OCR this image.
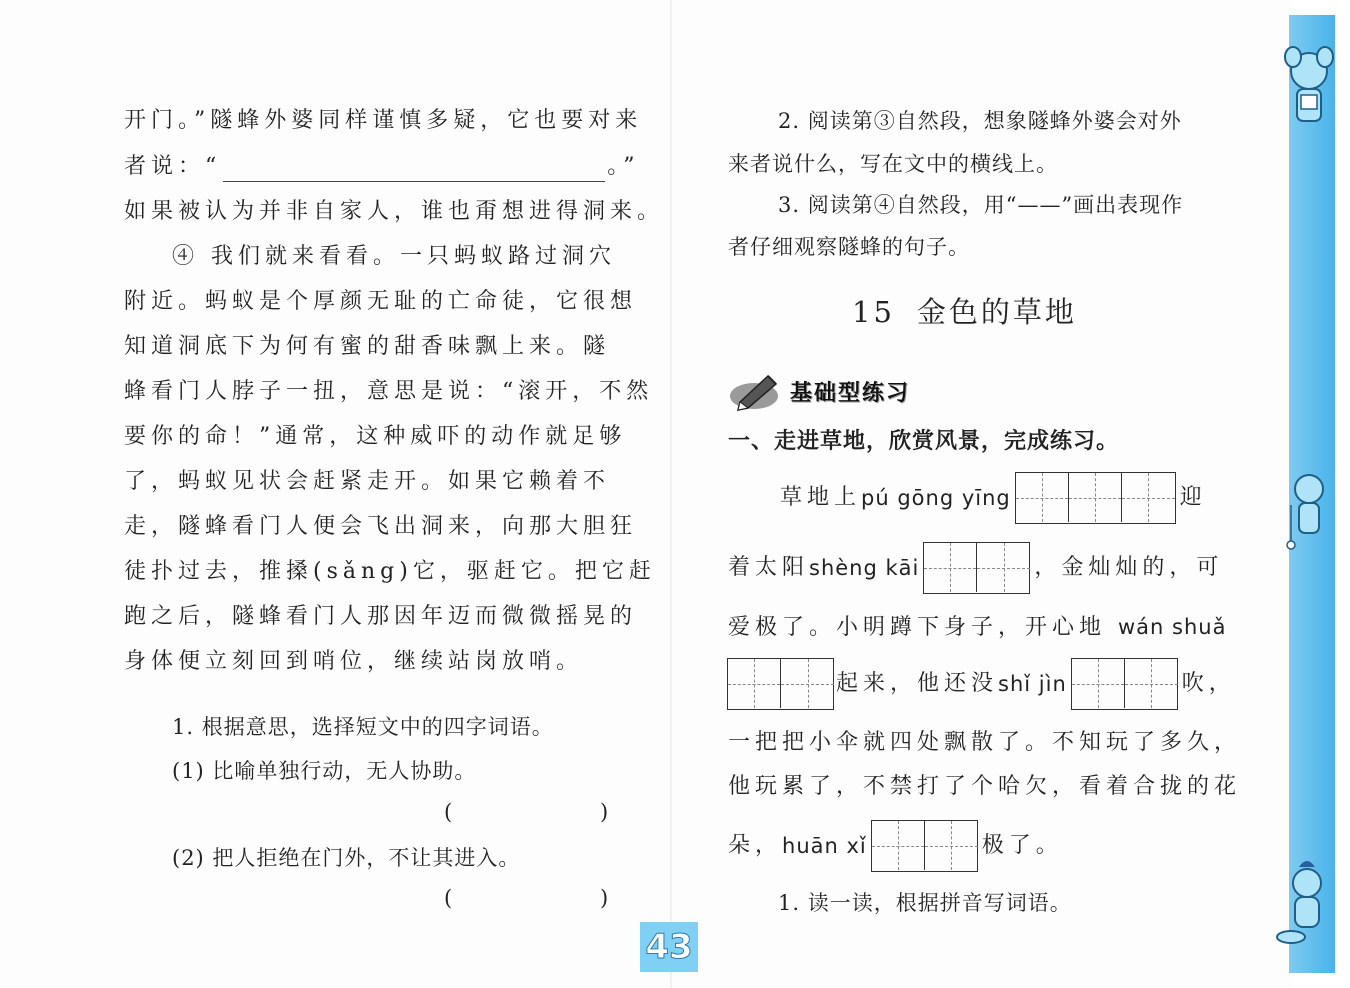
开门。”隧蜂外婆同样谨慎多疑，它也要对来
者说：“	。”
如果被认为并非自家人，谁也甭想进得洞来。
④ 我们就来看看。一只蚂蚁路过洞穴
附近。蚂蚁是个厚颜无耻的亡命徒，它很想
知道洞底下为何有蜜的甜香味飘上来。隧
蜂看门人脖子一扭，意思是说：“滚开，不然
要你的命！”通常，这种威吓的动作就足够
了，蚂蚁见状会赶紧走开。如果它赖着不
走，隧蜂看门人便会飞出洞来，向那大胆狂
徒扑过去，推搡(sǎng)它，驱赶它。把它赶
跑之后，隧蜂看门人那因年迈而微微摇晃的
身体便立刻回到哨位，继续站岗放哨。
1. 根据意思，选择短文中的四字词语。
(1) 比喻单独行动，无人协助。
(	)
(2) 把人拒绝在门外，不让其进入。
(	)
2. 阅读第③自然段，想象隧蜂外婆会对外
来者说什么，写在文中的横线上。
3. 阅读第④自然段，用“——”画出表现作
者仔细观察隧蜂的句子。
15 金色的草地
基础型练习
一、走进草地，欣赏风景，完成练习。
草地上 pú gōng yīng	迎
着太阳 shèng kāi	，金灿灿的，可
爱极了。小明蹲下身子，开心地 wán shuǎ
起来，他还没 shǐ jìn	吹，
一把把小伞就四处飘散了。不知玩了多久，
他玩累了，不禁打了个哈欠，看着合拢的花
朵， huān xǐ	极了。
1. 读一读，根据拼音写词语。
43
